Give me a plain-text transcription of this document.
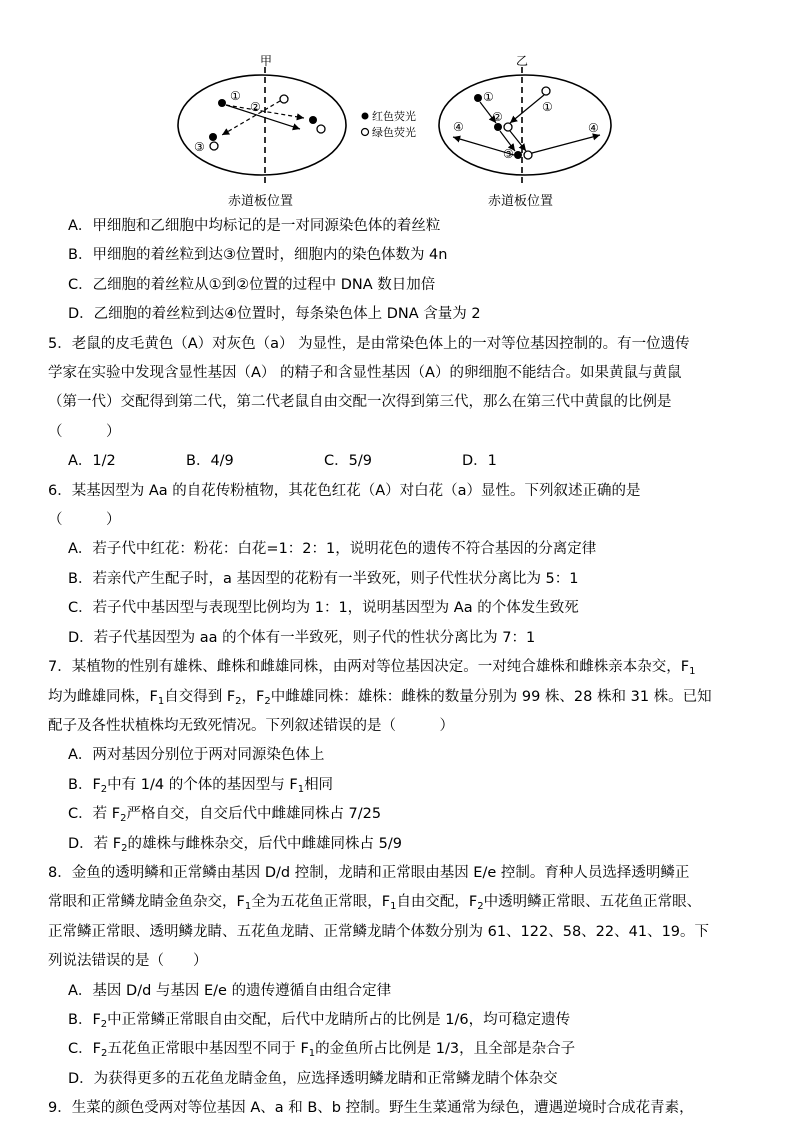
①
②
③
甲
赤道板位置
红色荧光
绿色荧光
①
①
②
③
④	④
乙
赤道板位置
A．甲细胞和乙细胞中均标记的是一对同源染色体的着丝粒
B．甲细胞的着丝粒到达③位置时，细胞内的染色体数为 4n
C．乙细胞的着丝粒从①到②位置的过程中 DNA 数日加倍
D．乙细胞的着丝粒到达④位置时，每条染色体上 DNA 含量为 2
5．老鼠的皮毛黄色（A）对灰色（a） 为显性，是由常染色体上的一对等位基因控制的。有一位遗传
学家在实验中发现含显性基因（A） 的精子和含显性基因（A）的卵细胞不能结合。如果黄鼠与黄鼠
（第一代）交配得到第二代，第二代老鼠自由交配一次得到第三代，那么在第三代中黄鼠的比例是
（　　　）
A．1/2	B．4/9	C．5/9	D．1
6．某基因型为 Aa 的自花传粉植物，其花色红花（A）对白花（a）显性。下列叙述正确的是
（　　　）
A．若子代中红花：粉花：白花=1：2：1，说明花色的遗传不符合基因的分离定律
B．若亲代产生配子时，a 基因型的花粉有一半致死，则子代性状分离比为 5：1
C．若子代中基因型与表现型比例均为 1：1，说明基因型为 Aa 的个体发生致死
D．若子代基因型为 aa 的个体有一半致死，则子代的性状分离比为 7：1
7．某植物的性别有雄株、雌株和雌雄同株，由两对等位基因决定。一对纯合雄株和雌株亲本杂交，$F_1$
均为雌雄同株，$F_1$自交得到 $F_2$，$F_2$中雌雄同株：雄株：雌株的数量分别为 99 株、28 株和 31 株。已知
配子及各性状植株均无致死情况。下列叙述错误的是（　　　）
A．两对基因分别位于两对同源染色体上
B．$F_2$中有 1/4 的个体的基因型与 $F_1$相同
C．若 $F_2$严格自交，自交后代中雌雄同株占 7/25
D．若 $F_2$的雄株与雌株杂交，后代中雌雄同株占 5/9
8．金鱼的透明鳞和正常鳞由基因 D/d 控制，龙睛和正常眼由基因 E/e 控制。育种人员选择透明鳞正
常眼和正常鳞龙睛金鱼杂交，$F_1$全为五花鱼正常眼，$F_1$自由交配，$F_2$中透明鳞正常眼、五花鱼正常眼、
正常鳞正常眼、透明鳞龙睛、五花鱼龙睛、正常鳞龙睛个体数分别为 61、122、58、22、41、19。下
列说法错误的是（　　）
A．基因 D/d 与基因 E/e 的遗传遵循自由组合定律
B．$F_2$中正常鳞正常眼自由交配，后代中龙睛所占的比例是 1/6，均可稳定遗传
C．$F_2$五花鱼正常眼中基因型不同于 $F_1$的金鱼所占比例是 1/3，且全部是杂合子
D．为获得更多的五花鱼龙睛金鱼，应选择透明鳞龙睛和正常鳞龙睛个体杂交
9．生菜的颜色受两对等位基因 A、a 和 B、b 控制。野生生菜通常为绿色，遭遇逆境时合成花青素，
